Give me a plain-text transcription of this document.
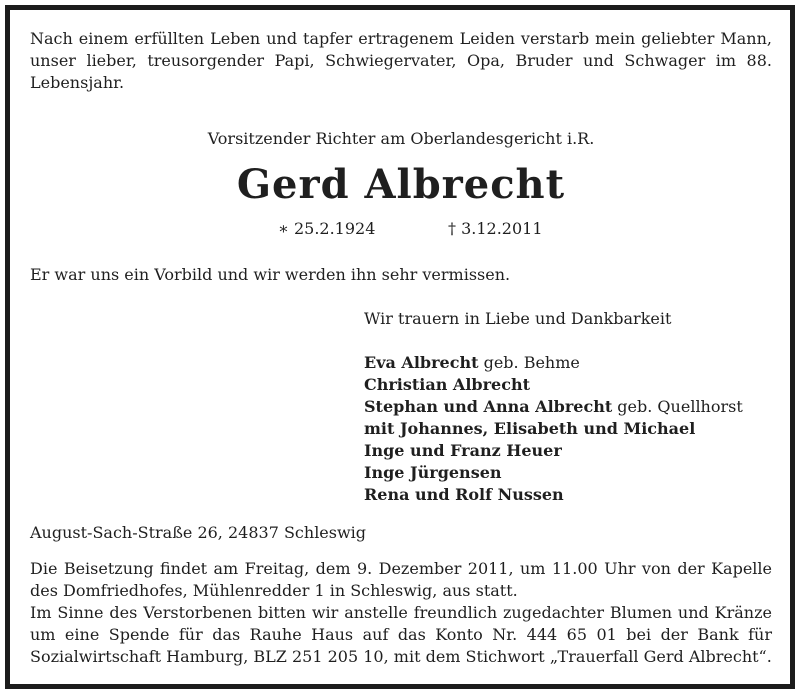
Nach einem erfüllten Leben und tapfer ertragenem Leiden verstarb mein geliebter Mann, unser lieber, treusorgender Papi, Schwiegervater, Opa, Bruder und Schwager im 88. Lebensjahr.

Vorsitzender Richter am Oberlandesgericht i.R.

Gerd Albrecht

∗ 25.2.1924	† 3.12.2011

Er war uns ein Vorbild und wir werden ihn sehr vermissen.

Wir trauern in Liebe und Dankbarkeit

Eva Albrecht geb. Behme

Christian Albrecht

Stephan und Anna Albrecht geb. Quellhorst

mit Johannes, Elisabeth und Michael

Inge und Franz Heuer

Inge Jürgensen

Rena und Rolf Nussen

August-Sach-Straße 26, 24837 Schleswig

Die Beisetzung findet am Freitag, dem 9. Dezember 2011, um 11.00 Uhr von der Kapelle des Domfriedhofes, Mühlenredder 1 in Schleswig, aus statt.

Im Sinne des Verstorbenen bitten wir anstelle freundlich zugedachter Blumen und Kränze um eine Spende für das Rauhe Haus auf das Konto Nr. 444 65 01 bei der Bank für Sozialwirtschaft Hamburg, BLZ 251 205 10, mit dem Stichwort „Trauerfall Gerd Albrecht“.
